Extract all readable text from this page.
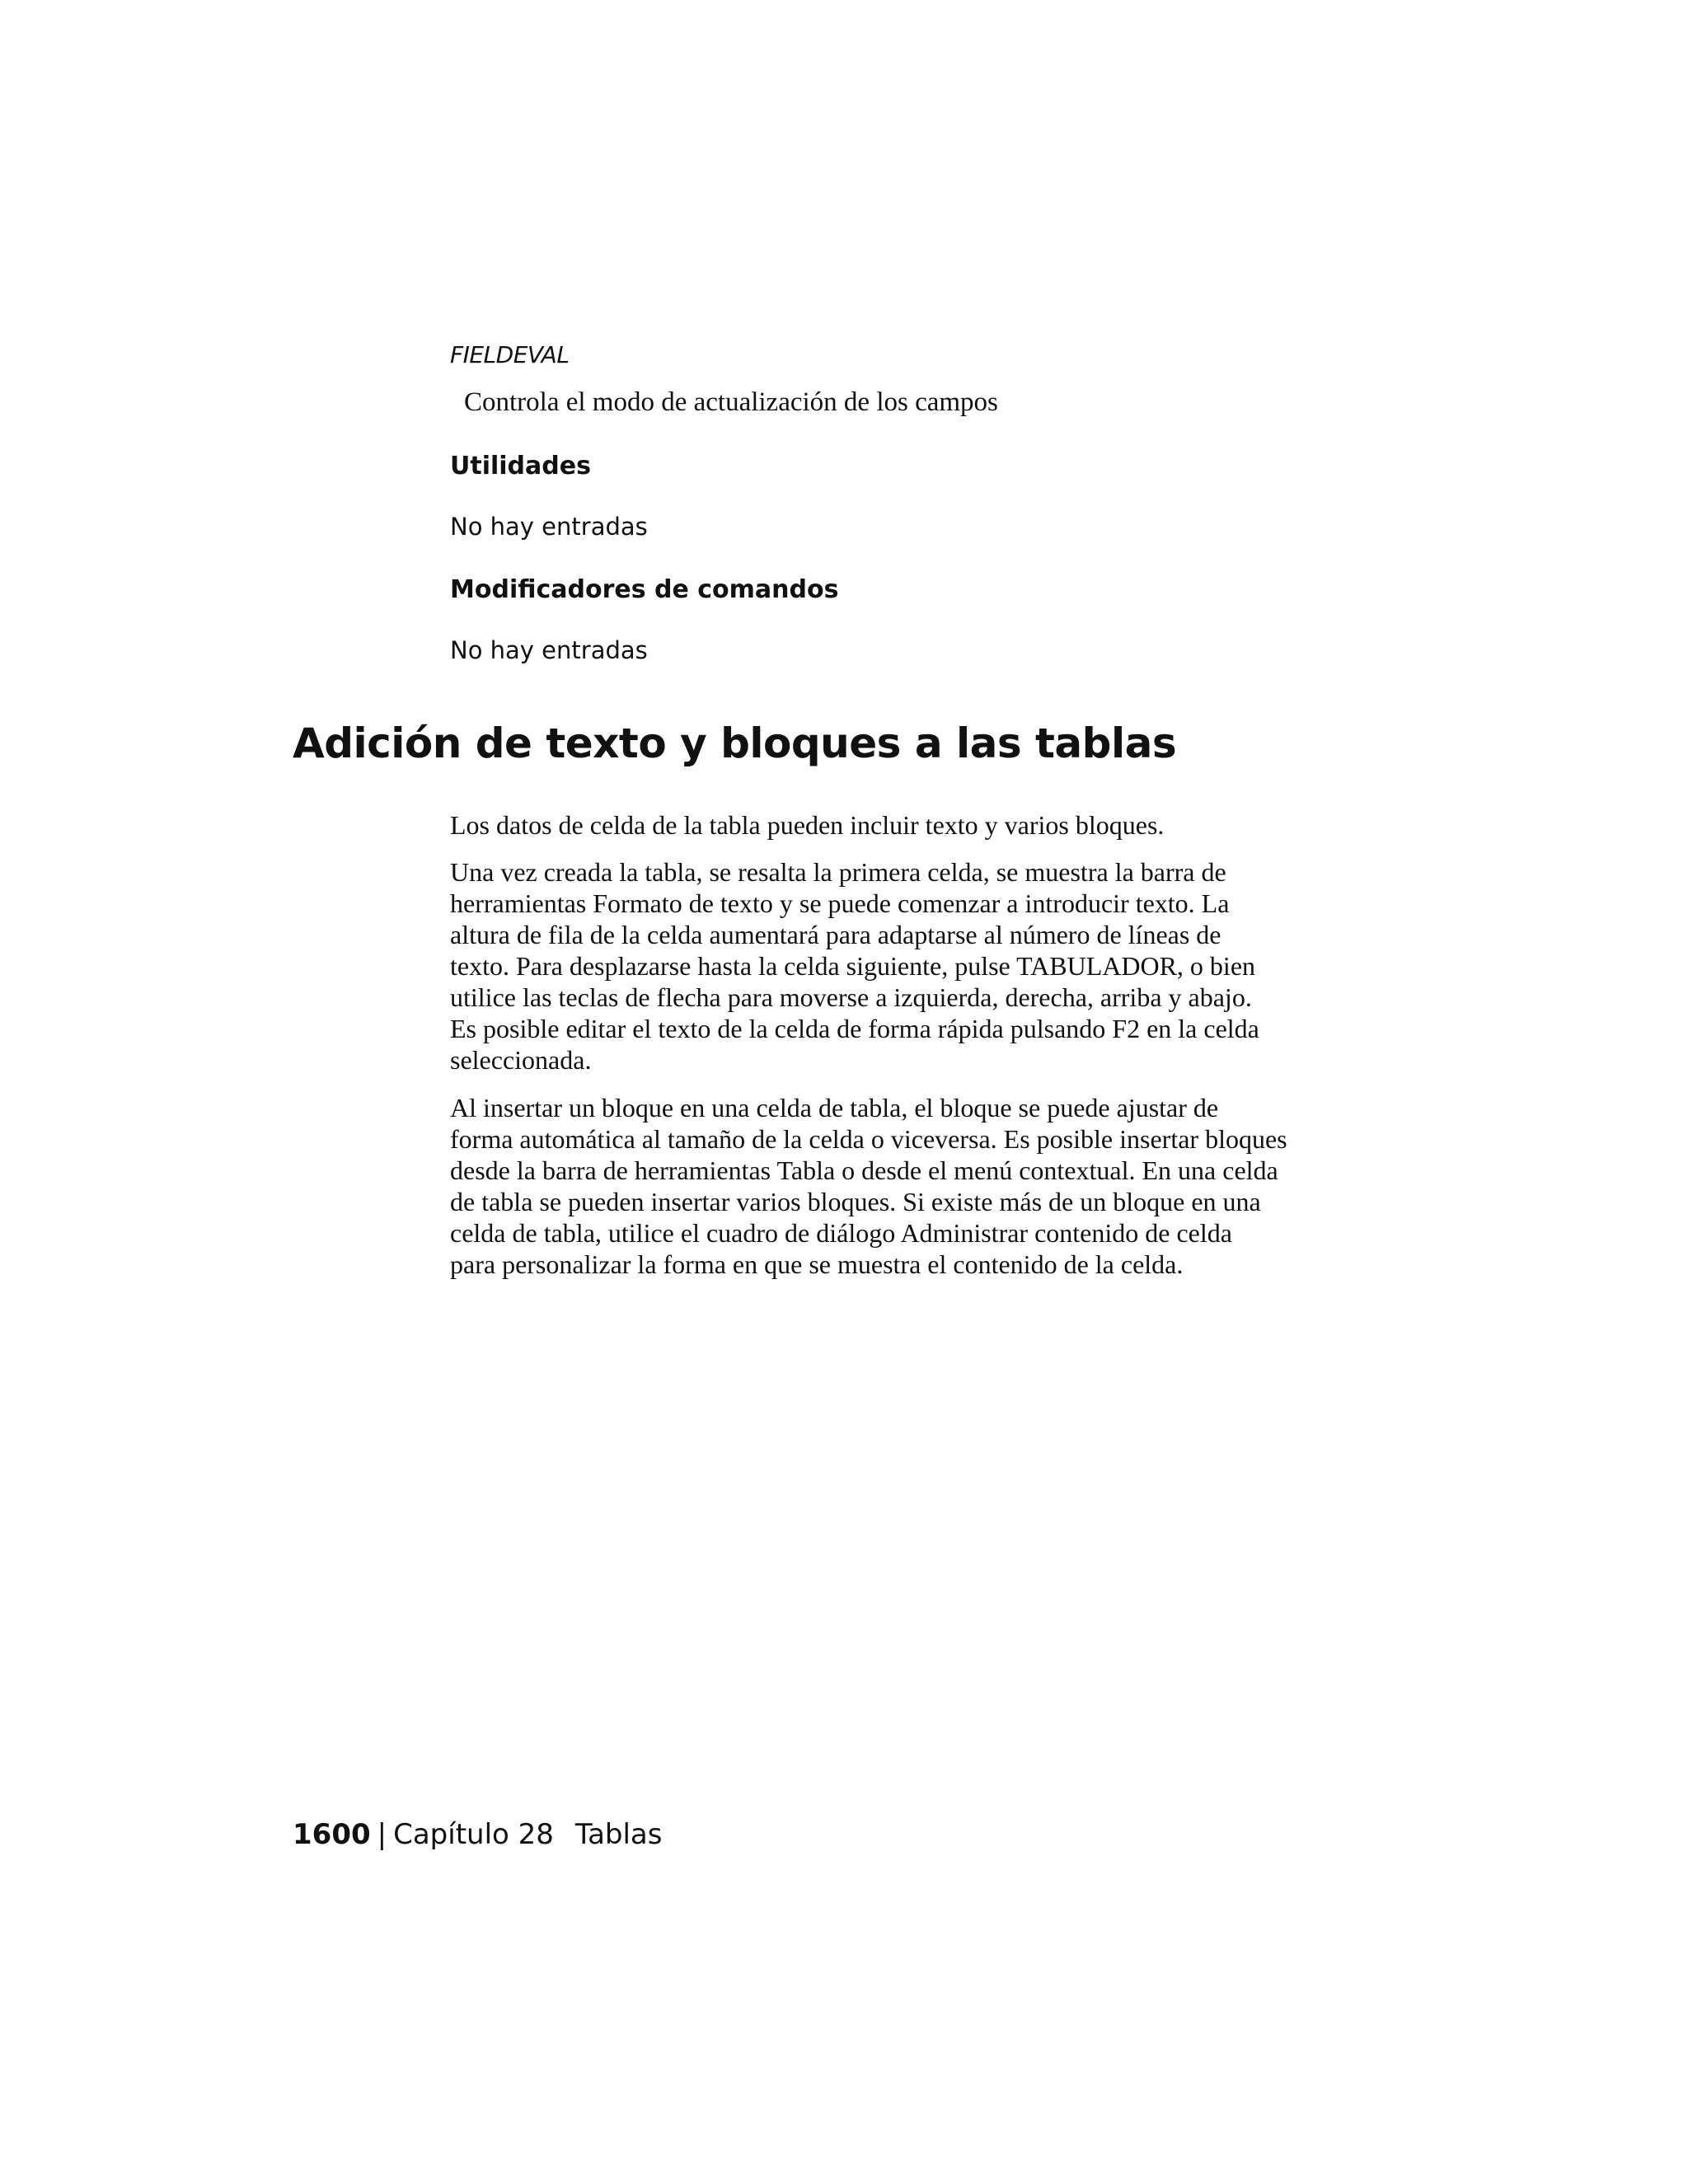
FIELDEVAL
Controla el modo de actualización de los campos
Utilidades
No hay entradas
Modificadores de comandos
No hay entradas
Adición de texto y bloques a las tablas

Los datos de celda de la tabla pueden incluir texto y varios bloques.

Una vez creada la tabla, se resalta la primera celda, se muestra la barra de
herramientas Formato de texto y se puede comenzar a introducir texto. La
altura de fila de la celda aumentará para adaptarse al número de líneas de
texto. Para desplazarse hasta la celda siguiente, pulse TABULADOR, o bien
utilice las teclas de flecha para moverse a izquierda, derecha, arriba y abajo.
Es posible editar el texto de la celda de forma rápida pulsando F2 en la celda
seleccionada.

Al insertar un bloque en una celda de tabla, el bloque se puede ajustar de
forma automática al tamaño de la celda o viceversa. Es posible insertar bloques
desde la barra de herramientas Tabla o desde el menú contextual. En una celda
de tabla se pueden insertar varios bloques. Si existe más de un bloque en una
celda de tabla, utilice el cuadro de diálogo Administrar contenido de celda
para personalizar la forma en que se muestra el contenido de la celda.

1600 | Capítulo 28 Tablas
